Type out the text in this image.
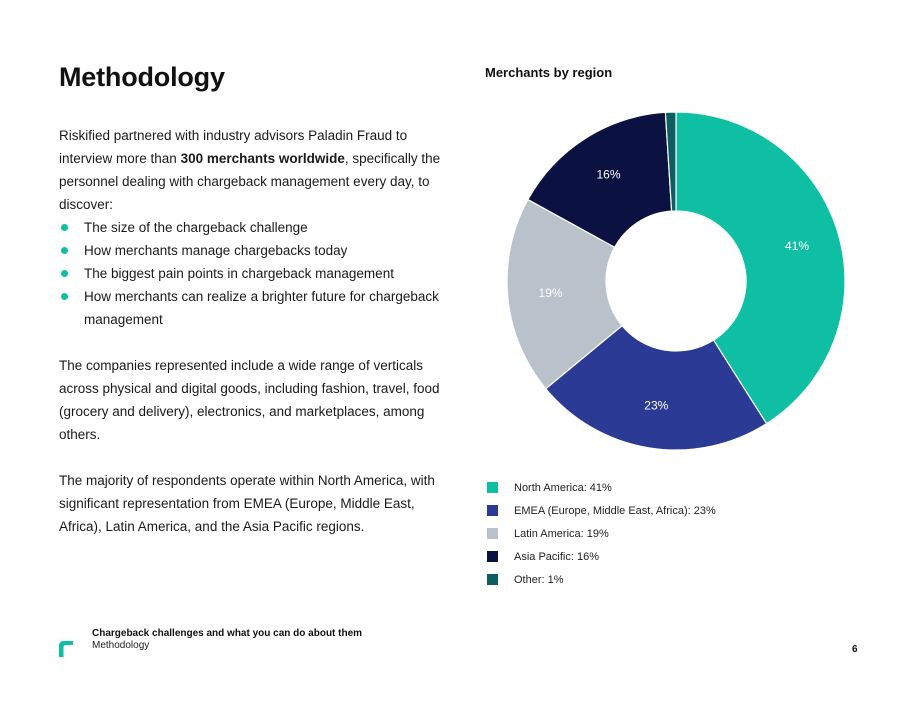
Methodology

Riskified partnered with industry advisors Paladin Fraud to interview more than 300 merchants worldwide, specifically the personnel dealing with chargeback management every day, to discover:

The size of the chargeback challenge
How merchants manage chargebacks today
The biggest pain points in chargeback management
How merchants can realize a brighter future for chargeback management

The companies represented include a wide range of verticals across physical and digital goods, including fashion, travel, food (grocery and delivery), electronics, and marketplaces, among others.

The majority of respondents operate within North America, with significant representation from EMEA (Europe, Middle East, Africa), Latin America, and the Asia Pacific regions.

Merchants by region
41%
23%
19%
16%
North America: 41%
EMEA (Europe, Middle East, Africa): 23%
Latin America: 19%
Asia Pacific: 16%
Other: 1%
Chargeback challenges and what you can do about them
Methodology	6
